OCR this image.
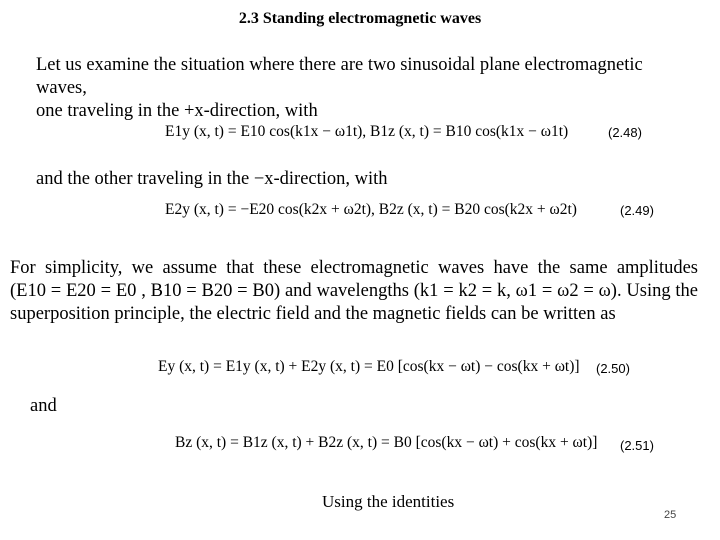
2.3 Standing electromagnetic waves
Let us examine the situation where there are two sinusoidal plane electromagnetic waves,
one traveling in the +x-direction, with
E1y (x, t) = E10 cos(k1x − ω1t), B1z (x, t) = B10 cos(k1x − ω1t)	(2.48)
and the other traveling in the −x-direction, with
E2y (x, t) = −E20 cos(k2x + ω2t), B2z (x, t) = B20 cos(k2x + ω2t)	(2.49)
For simplicity, we assume that these electromagnetic waves have the same amplitudes
(E10 = E20 = E0 , B10 = B20 = B0) and wavelengths (k1 = k2 = k, ω1 = ω2 = ω). Using the
superposition principle, the electric field and the magnetic fields can be written as
Ey (x, t) = E1y (x, t) + E2y (x, t) = E0 [cos(kx − ωt) − cos(kx + ωt)] (2.50)
and
Bz (x, t) = B1z (x, t) + B2z (x, t) = B0 [cos(kx − ωt) + cos(kx + ωt)] (2.51)
Using the identities
25
